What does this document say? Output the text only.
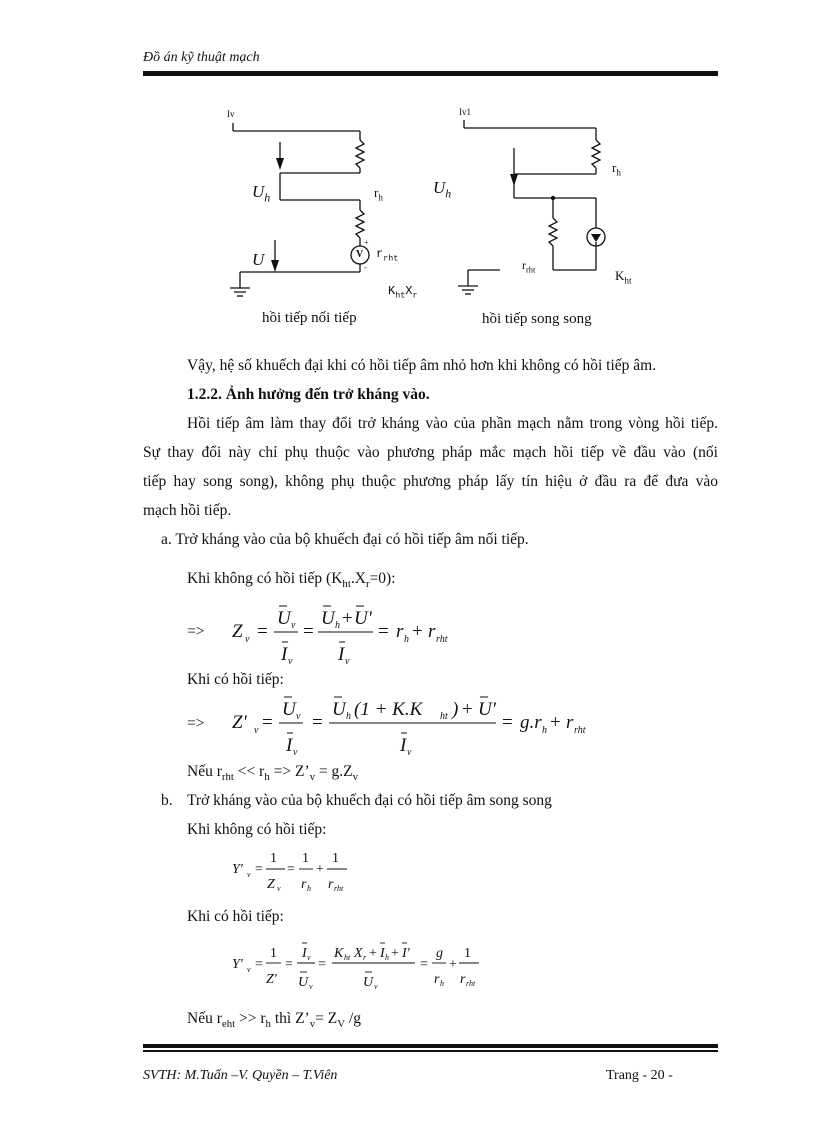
Đồ án kỹ thuật mạch
Iv
$U_h$	$r_h$
U	V
+
-
$r_{rht}$
$K_{ht}X_r$
hồi tiếp nối tiếp
Iv1
$U_h$
$r_h$
$r_{rht}$	$K_{ht}$
hồi tiếp song song
Vậy, hệ số khuếch đại khi có hồi tiếp âm nhỏ hơn khi không có hồi tiếp âm.
1.2.2. Ảnh hưởng đến trở kháng vào.
Hồi tiếp âm làm thay đổi trở kháng vào của phần mạch nằm trong vòng hồi tiếp.
Sự thay đổi này chỉ phụ thuộc vào phương pháp mắc mạch hồi tiếp về đầu vào (nối
tiếp hay song song), không phụ thuộc phương pháp lấy tín hiệu ở đầu ra để đưa vào
mạch hồi tiếp.
a. Trở kháng vào của bộ khuếch đại có hồi tiếp âm nối tiếp.
Khi không có hồi tiếp $(K_{ht}.X_r=0)$:
=> Z v =
U v
I v
=
U h + U'
I v
= r h + r rht
Khi có hồi tiếp:
=> Z' v =
U v
I v
=
U h (1 + K.K ht ) + U'
I v
= g.r h + r rht
Nếu $r_{rht} << r_h$ => $Z’_v = g.Z_v$
b. Trở kháng vào của bộ khuếch đại có hồi tiếp âm song song
Khi không có hồi tiếp:
Y' v =
1
Z v
=
1
r h
+
1
r rht
Khi có hồi tiếp:
Y' v =
1
Z'
=
I v
U v
=
K ht X r + I h + I'
U v
=
g
r h
+
1
r rht
Nếu $r_{eht} >> r_h$ thì $Z’_v= Z_V$ /g
SVTH: M.Tuấn –V. Quyền – T.Viên	Trang - 20 -
